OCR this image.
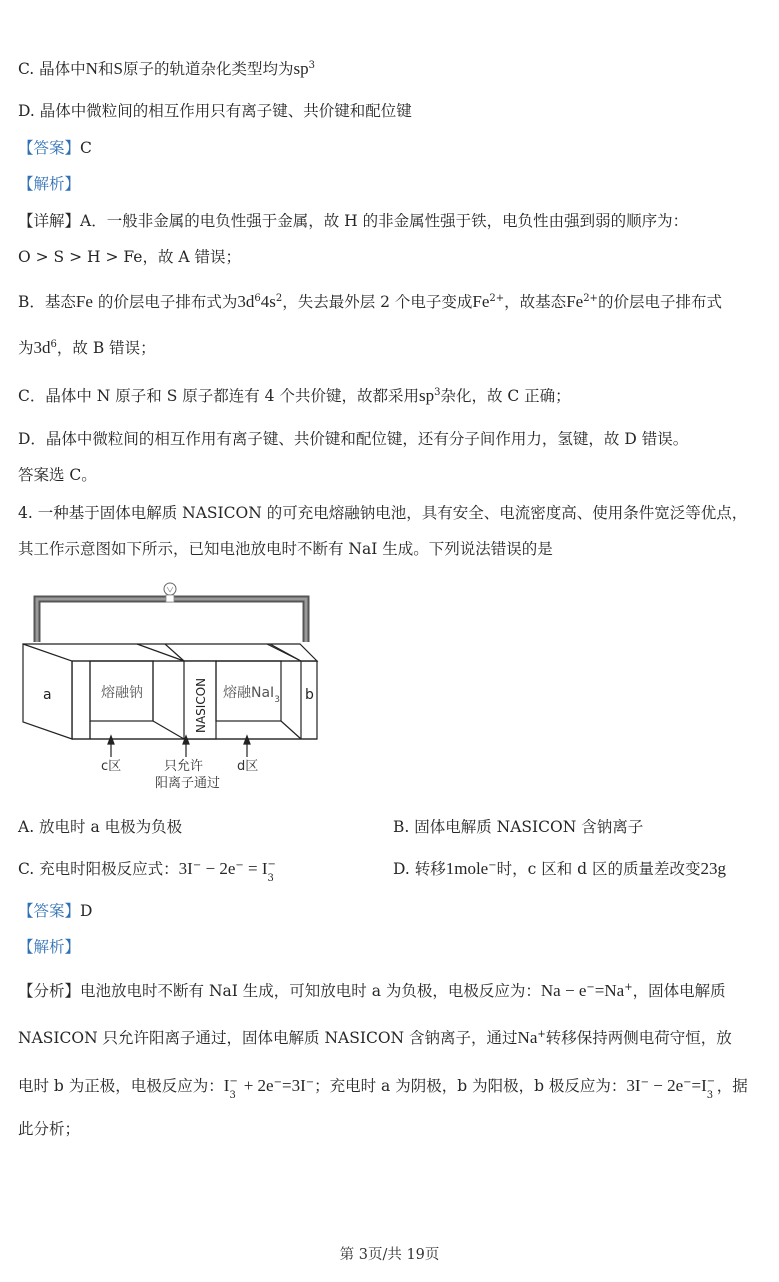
C. 晶体中N和S原子的轨道杂化类型均为$sp^3$
D. 晶体中微粒间的相互作用只有离子键、共价键和配位键
【答案】C
【解析】
【详解】A．一般非金属的电负性强于金属，故 H 的非金属性强于铁，电负性由强到弱的顺序为：
O > S > H > Fe，故 A 错误；
B．基态Fe 的价层电子排布式为$3d^64s^2$，失去最外层 2 个电子变成$Fe^{2+}$，故基态$Fe^{2+}$的价层电子排布式
为$3d^6$，故 B 错误；
C．晶体中 N 原子和 S 原子都连有 4 个共价键，故都采用$sp^3$杂化，故 C 正确；
D．晶体中微粒间的相互作用有离子键、共价键和配位键，还有分子间作用力，氢键，故 D 错误。
答案选 C。
4. 一种基于固体电解质 NASICON 的可充电熔融钠电池，具有安全、电流密度高、使用条件宽泛等优点，
其工作示意图如下所示，已知电池放电时不断有 NaI 生成。下列说法错误的是
a	熔融钠	NASICON 熔融NaI$_3$ b
c区	只允许
阳离子通过
d区
A. 放电时 a 电极为负极	B. 固体电解质 NASICON 含钠离子
C. 充电时阳极反应式：3I− − 2e− = I −
3
D. 转移1mole−时，c 区和 d 区的质量差改变23g
【答案】D
【解析】
【分析】电池放电时不断有 NaI 生成，可知放电时 a 为负极，电极反应为：Na − e−=Na+，固体电解质
NASICON 只允许阳离子通过，固体电解质 NASICON 含钠离子，通过Na+转移保持两侧电荷守恒，放
电时 b 为正极，电极反应为：I −
3
+ 2e−=3I−；充电时 a 为阴极，b 为阳极，b 极反应为：3I− − 2e−=I −
3
，据
此分析；
第 3页/共 19页
